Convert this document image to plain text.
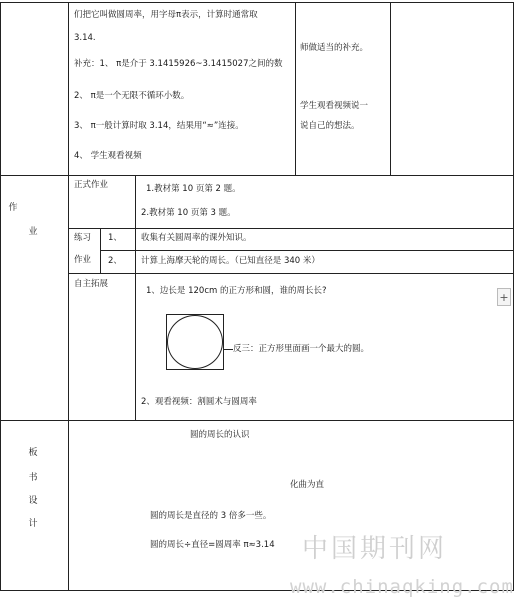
们把它叫做圆周率，用字母π表示，计算时通常取
3.14.
补充：1、 π是介于 3.1415926~3.1415027之间的数
2、 π是一个无限不循环小数。
3、 π一般计算时取 3.14，结果用“≈”连接。
4、 学生观看视频
师做适当的补充。
学生观看视频说一
说自己的想法。
作
业
正式作业	1.教材第 10 页第 2 题。
2.教材第 10 页第 3 题。
练习
作业
1、 收集有关圆周率的课外知识。
2、 计算上海摩天轮的周长。（已知直径是 340 米）
自主拓展
1、边长是 120cm 的正方形和圆，谁的周长长?
反三：正方形里面画一个最大的圆。
2、观看视频：割圆术与圆周率
+
板
书
设
计
圆的周长的认识
化曲为直
圆的周长是直径的 3 倍多一些。
圆的周长÷直径=圆周率 π≈3.14 中国期刊网
www.chinaqking.com
